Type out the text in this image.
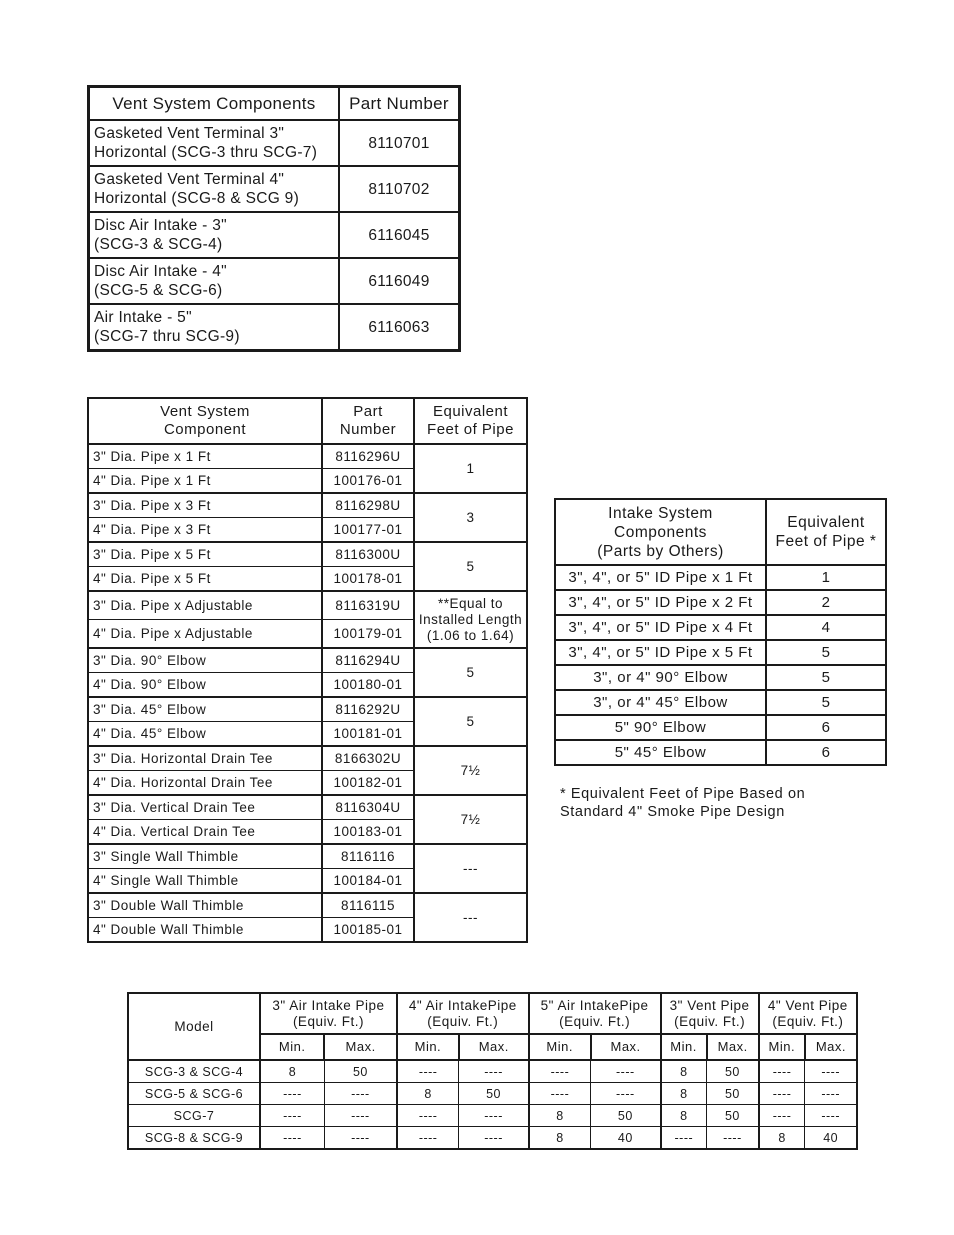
Vent System Components	Part Number
Gasketed Vent Terminal 3"
Horizontal (SCG-3 thru SCG-7)	8110701
Gasketed Vent Terminal 4"
Horizontal (SCG-8 & SCG 9)	8110702
Disc Air Intake - 3"
(SCG-3 & SCG-4)	6116045
Disc Air Intake - 4"
(SCG-5 & SCG-6)	6116049
Air Intake - 5"
(SCG-7 thru SCG-9)	6116063
Vent System
Component	Part
Number	Equivalent
Feet of Pipe
3" Dia. Pipe x 1 Ft	8116296U	1
4" Dia. Pipe x 1 Ft	100176-01	
3" Dia. Pipe x 3 Ft	8116298U	3
4" Dia. Pipe x 3 Ft	100177-01	
3" Dia. Pipe x 5 Ft	8116300U	5
4" Dia. Pipe x 5 Ft	100178-01	
3" Dia. Pipe x Adjustable	8116319U	**Equal to
Installed Length
(1.06 to 1.64)
4" Dia. Pipe x Adjustable	100179-01	
3" Dia. 90° Elbow	8116294U	5
4" Dia. 90° Elbow	100180-01	
3" Dia. 45° Elbow	8116292U	5
4" Dia. 45° Elbow	100181-01	
3" Dia. Horizontal Drain Tee	8166302U	7½
4" Dia. Horizontal Drain Tee	100182-01	
3" Dia. Vertical Drain Tee	8116304U	7½
4" Dia. Vertical Drain Tee	100183-01	
3" Single Wall Thimble	8116116	---
4" Single Wall Thimble	100184-01	
3" Double Wall Thimble	8116115	---
4" Double Wall Thimble	100185-01	
Intake System
Components
(Parts by Others)	Equivalent
Feet of Pipe *
3", 4", or 5" ID Pipe x 1 Ft	1
3", 4", or 5" ID Pipe x 2 Ft	2
3", 4", or 5" ID Pipe x 4 Ft	4
3", 4", or 5" ID Pipe x 5 Ft	5
3", or 4" 90° Elbow	5
3", or 4" 45° Elbow	5
5" 90° Elbow	6
5" 45° Elbow	6
* Equivalent Feet of Pipe Based on
Standard 4" Smoke Pipe Design
Model	3" Air Intake Pipe
(Equiv. Ft.)		4" Air IntakePipe
(Equiv. Ft.)		5" Air IntakePipe
(Equiv. Ft.)		3" Vent Pipe
(Equiv. Ft.)		4" Vent Pipe
(Equiv. Ft.)	
	Min.	Max.	Min.	Max.	Min.	Max.	Min.	Max.	Min.	Max.
SCG-3 & SCG-4	8	50	----	----	----	----	8	50	----	----
SCG-5 & SCG-6	----	----	8	50	----	----	8	50	----	----
SCG-7	----	----	----	----	8	50	8	50	----	----
SCG-8 & SCG-9	----	----	----	----	8	40	----	----	8	40
